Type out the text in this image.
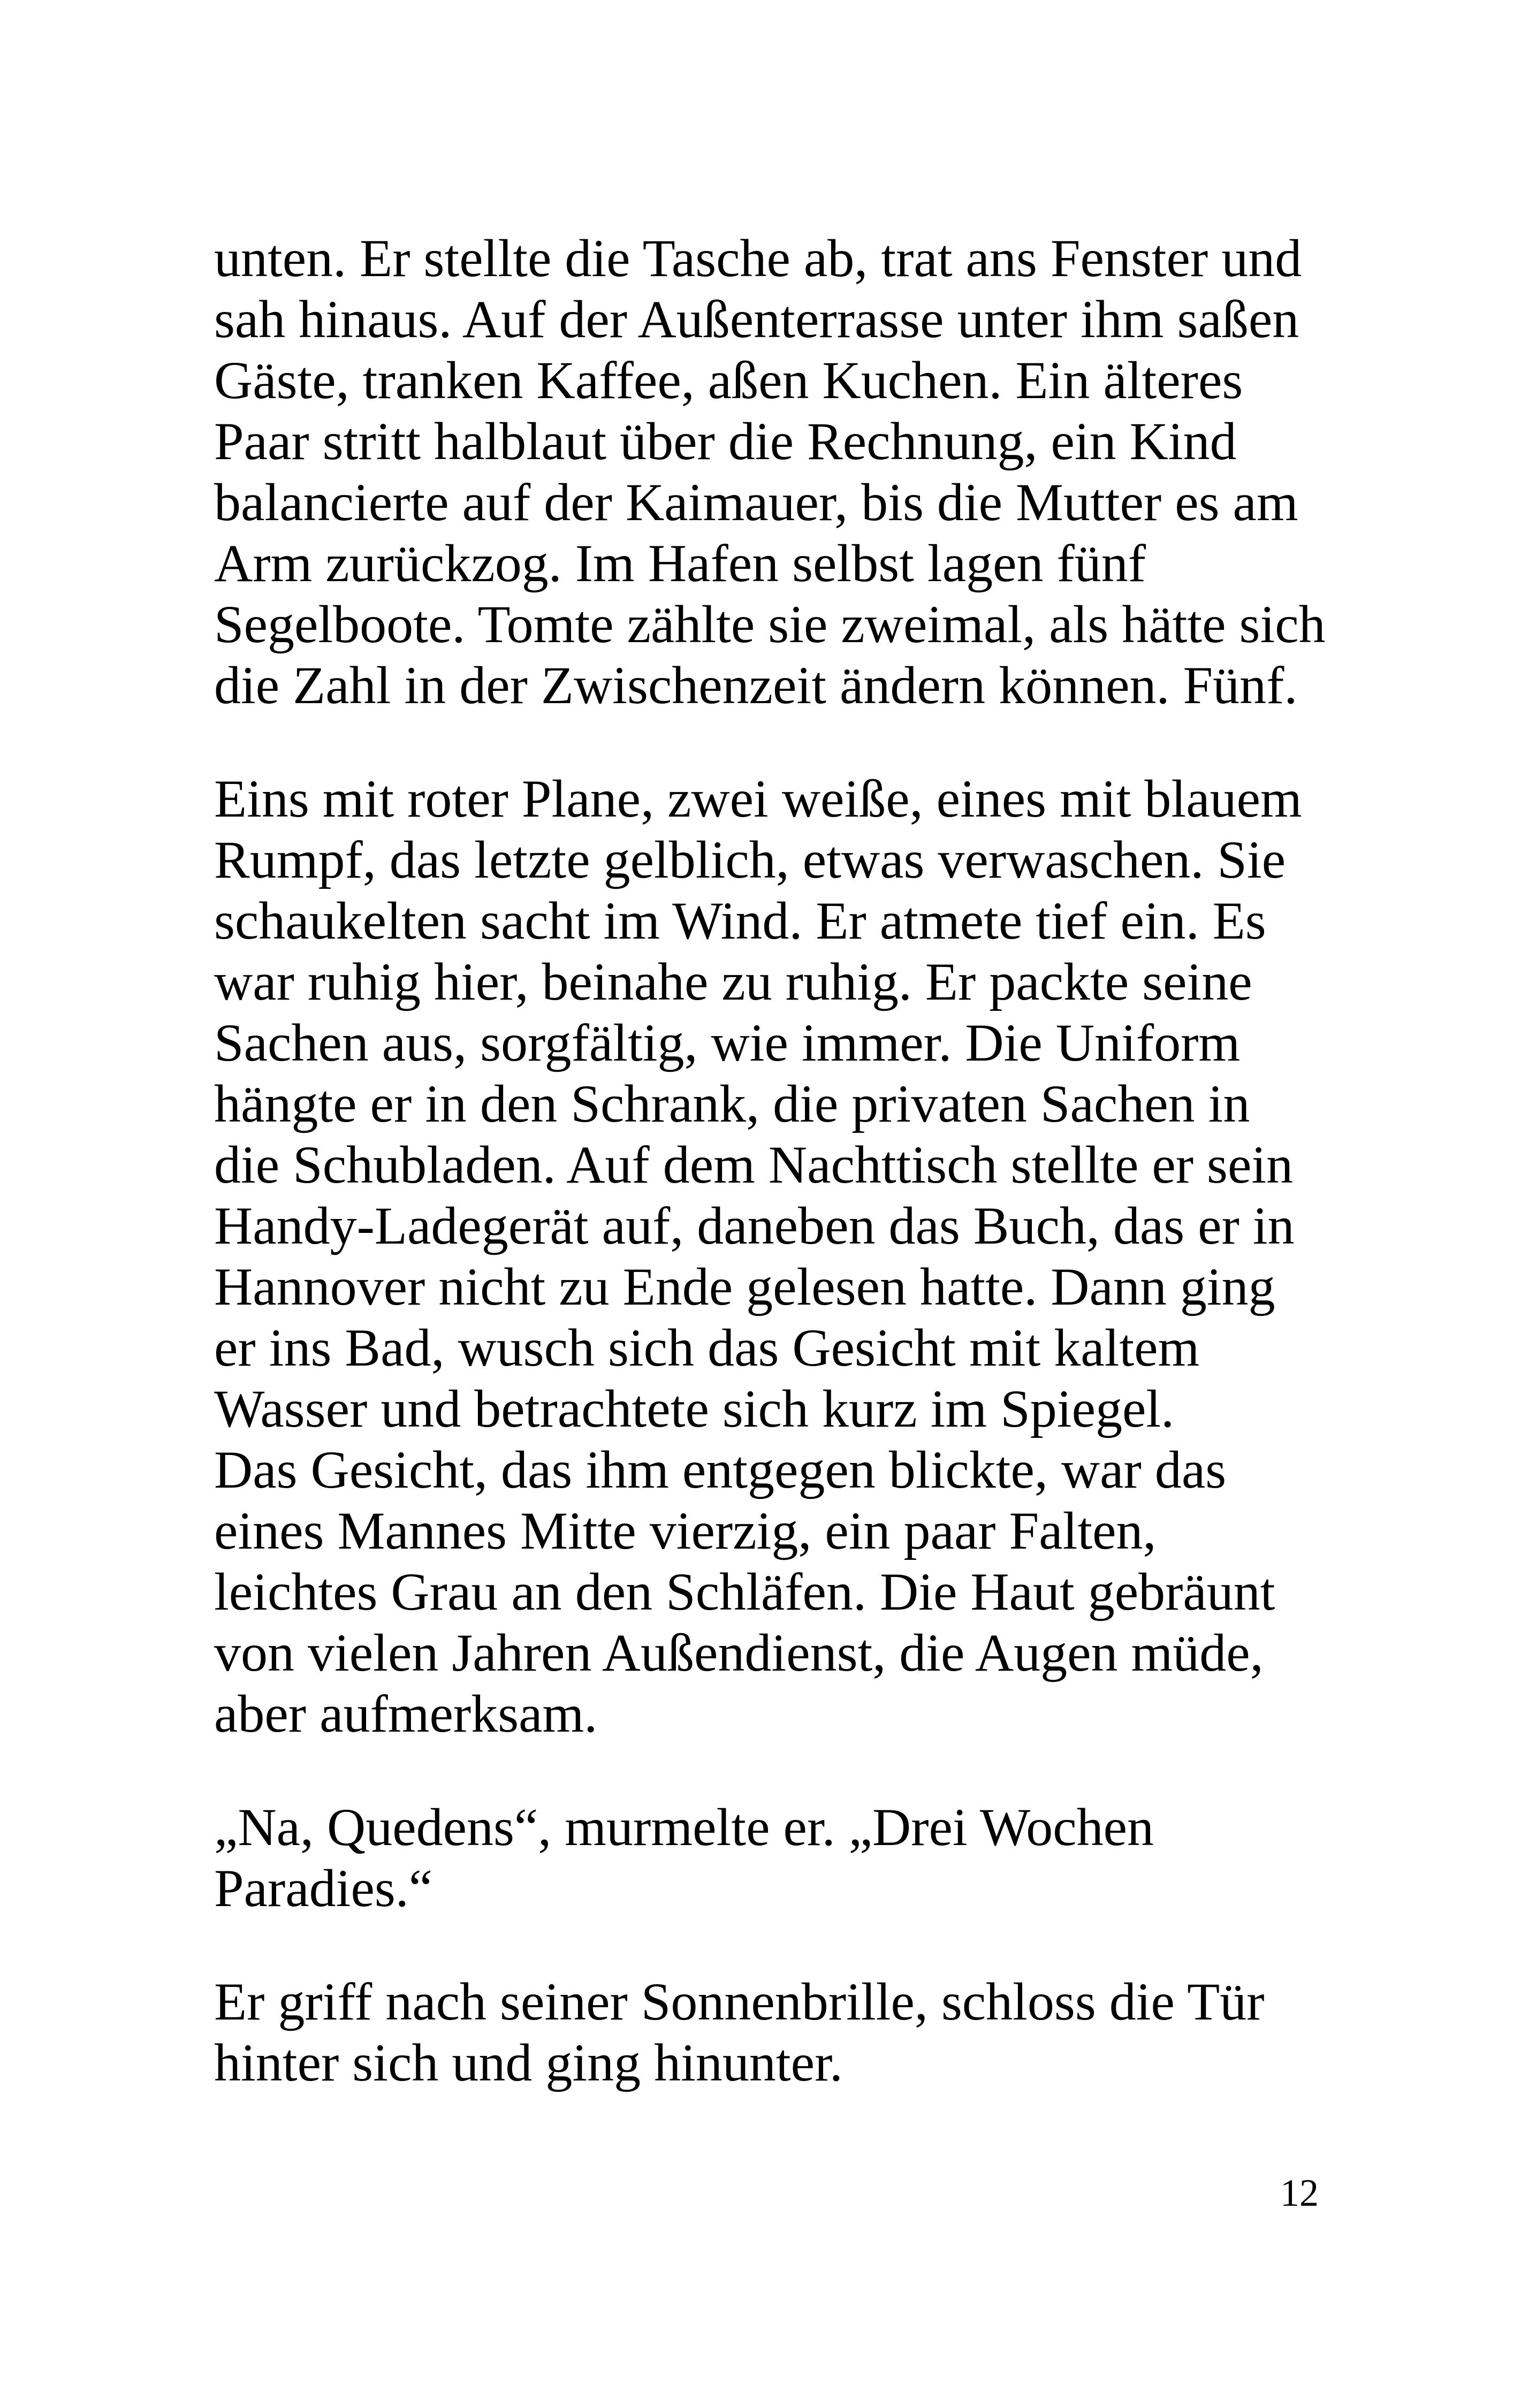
unten. Er stellte die Tasche ab, trat ans Fenster und
sah hinaus. Auf der Außenterrasse unter ihm saßen
Gäste, tranken Kaffee, aßen Kuchen. Ein älteres
Paar stritt halblaut über die Rechnung, ein Kind
balancierte auf der Kaimauer, bis die Mutter es am
Arm zurückzog. Im Hafen selbst lagen fünf
Segelboote. Tomte zählte sie zweimal, als hätte sich
die Zahl in der Zwischenzeit ändern können. Fünf.

Eins mit roter Plane, zwei weiße, eines mit blauem
Rumpf, das letzte gelblich, etwas verwaschen. Sie
schaukelten sacht im Wind. Er atmete tief ein. Es
war ruhig hier, beinahe zu ruhig. Er packte seine
Sachen aus, sorgfältig, wie immer. Die Uniform
hängte er in den Schrank, die privaten Sachen in
die Schubladen. Auf dem Nachttisch stellte er sein
Handy-Ladegerät auf, daneben das Buch, das er in
Hannover nicht zu Ende gelesen hatte. Dann ging
er ins Bad, wusch sich das Gesicht mit kaltem
Wasser und betrachtete sich kurz im Spiegel.
Das Gesicht, das ihm entgegen blickte, war das
eines Mannes Mitte vierzig, ein paar Falten,
leichtes Grau an den Schläfen. Die Haut gebräunt
von vielen Jahren Außendienst, die Augen müde,
aber aufmerksam.

„Na, Quedens“, murmelte er. „Drei Wochen
Paradies.“

Er griff nach seiner Sonnenbrille, schloss die Tür
hinter sich und ging hinunter.

12
